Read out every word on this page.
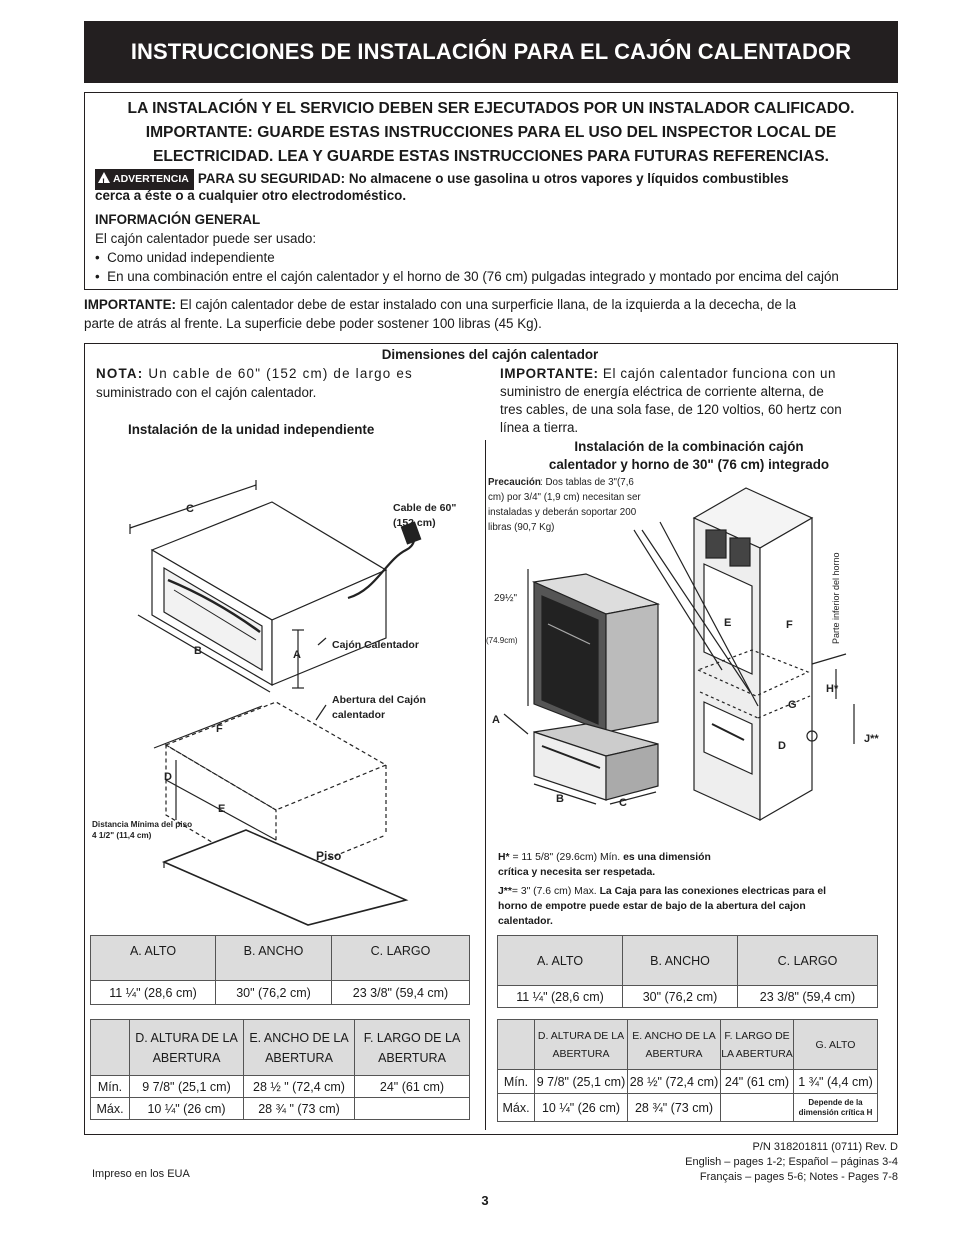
INSTRUCCIONES DE INSTALACIÓN PARA EL CAJÓN CALENTADOR
LA INSTALACIÓN Y EL SERVICIO DEBEN SER EJECUTADOS POR UN INSTALADOR CALIFICADO.
IMPORTANTE: GUARDE ESTAS INSTRUCCIONES PARA EL USO DEL INSPECTOR LOCAL DE
ELECTRICIDAD. LEA Y GUARDE ESTAS INSTRUCCIONES PARA FUTURAS REFERENCIAS.
!ADVERTENCIA PARA SU SEGURIDAD: No almacene o use gasolina u otros vapores y líquidos combustibles
cerca a éste o a cualquier otro electrodoméstico.
INFORMACIÓN GENERAL
El cajón calentador puede ser usado:
•  Como unidad independiente
•  En una combinación entre el cajón calentador y el horno de 30 (76 cm) pulgadas integrado y montado por encima del cajón
IMPORTANTE: El cajón calentador debe de estar instalado con una surperficie llana, de la izquierda a la dececha, de la
parte de atrás al frente. La superficie debe poder sostener 100 libras (45 Kg).
Dimensiones del cajón calentador
NOTA: Un cable de 60" (152 cm) de largo es
suministrado con el cajón calentador.
IMPORTANTE: El cajón calentador funciona con un
suministro de energía eléctrica de corriente alterna, de
tres cables, de una sola fase, de 120 voltios, 60 hertz con
línea a tierra.
Instalación de la unidad independiente
Instalación de la combinación cajón
calentador y horno de 30" (76 cm) integrado
C
B	A
F
D
E
Cable de 60"
(152 cm)
Cajón Calentador
Abertura del Cajón
calentador
Piso
Distancia Mínima del piso
4 1/2" (11,4 cm)
Precaución : Dos tablas de 3"(7,6
cm) por 3/4" (1,9 cm) necesitan ser
instaladas y deberán soportar 200
libras (90,7 Kg)
29½"
(74.9cm)
A
B	C
E	F
G
D
H*
J**
Parte inferior del horno
H* = 11 5/8" (29.6cm) Mín. es una dimensión
crítica y necesita ser respetada.
J**= 3" (7.6 cm) Max. La Caja para las conexiones electricas para el
horno de empotre puede estar de bajo de la abertura del cajon
calentador.
A. ALTO	B. ANCHO	C. LARGO
11 ¼" (28,6 cm)	30" (76,2 cm)	23 3/8" (59,4 cm)
	D. ALTURA DE LA ABERTURA	E. ANCHO DE LA ABERTURA	F. LARGO DE LA ABERTURA
Mín.	9 7/8" (25,1 cm)	28 ½ " (72,4 cm)	24" (61 cm)
Máx.	10 ¼" (26 cm)	28 ¾ " (73 cm)	
A. ALTO	B. ANCHO	C. LARGO
11 ¼" (28,6 cm)	30" (76,2 cm)	23 3/8" (59,4 cm)
	D. ALTURA DE LA ABERTURA	E. ANCHO DE LA ABERTURA	F. LARGO DE LA ABERTURA	G. ALTO
Mín.	9 7/8" (25,1 cm)	28 ½" (72,4 cm)	24" (61 cm)	1 ¾" (4,4 cm)
Máx.	10 ¼" (26 cm)	28 ¾" (73 cm)		Depende de la dimensión crítica H
P/N 318201811 (0711) Rev. D
English – pages 1-2; Español – páginas 3-4
Français – pages 5-6; Notes - Pages 7-8
Impreso en los EUA
3
